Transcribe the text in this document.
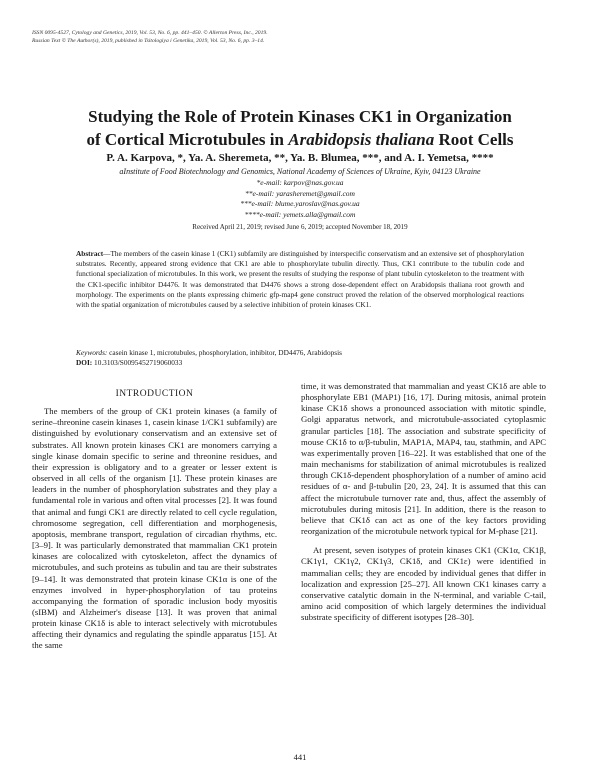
ISSN 0095-4527, Cytology and Genetics, 2019, Vol. 53, No. 6, pp. 441–450. © Allerton Press, Inc., 2019.
Russian Text © The Author(s), 2019, published in Tsitologiya i Genetika, 2019, Vol. 53, No. 6, pp. 3–14.
Studying the Role of Protein Kinases CK1 in Organization
of Cortical Microtubules in Arabidopsis thaliana Root Cells
P. A. Karpova, *, Ya. A. Sheremeta, **, Ya. B. Blumea, ***, and A. I. Yemetsa, ****
aInstitute of Food Biotechnology and Genomics, National Academy of Sciences of Ukraine, Kyiv, 04123 Ukraine
*e-mail: karpov@nas.gov.ua
**e-mail: yarasheremet@gmail.com
***e-mail: blume.yaroslav@nas.gov.ua
****e-mail: yemets.alla@gmail.com
Received April 21, 2019; revised June 6, 2019; accepted November 18, 2019
Abstract—The members of the casein kinase 1 (CK1) subfamily are distinguished by interspecific conservatism and an extensive set of phosphorylation substrates. Recently, appeared strong evidence that CK1 are able to phosphorylate tubulin directly. Thus, CK1 contribute to the tubulin code and functional specialization of microtubules. In this work, we present the results of studying the response of plant tubulin cytoskeleton to the treatment with the CK1-specific inhibitor D4476. It was demonstrated that D4476 shows a strong dose-dependent effect on Arabidopsis thaliana root growth and morphology. The experiments on the plants expressing chimeric gfp-map4 gene construct proved the relation of the observed morphological reactions with the spatial organization of microtubules caused by a selective inhibition of protein kinases CK1.
Keywords: casein kinase 1, microtubules, phosphorylation, inhibitor, DD4476, Arabidopsis
DOI: 10.3103/S0095452719060033
INTRODUCTION

The members of the group of CK1 protein kinases (a family of serine–threonine casein kinases 1, casein kinase 1/CK1 subfamily) are distinguished by evolutionary conservatism and an extensive set of substrates. All known protein kinases CK1 are monomers carrying a single kinase domain specific to serine and threonine residues, and their expression is obligatory and to a greater or lesser extent is observed in all cells of the organism [1]. These protein kinases are leaders in the number of phosphorylation substrates and they play a fundamental role in various and often vital processes [2]. It was found that animal and fungi CK1 are directly related to cell cycle regulation, chromosome segregation, cell differentiation and morphogenesis, apoptosis, membrane transport, regulation of circadian rhythms, etc. [3–9]. It was particularly demonstrated that mammalian CK1 protein kinases are colocalized with cytoskeleton, affect the dynamics of microtubules, and such proteins as tubulin and tau are their substrates [9–14]. It was demonstrated that protein kinase CK1α is one of the enzymes involved in hyper-phosphorylation of tau proteins accompanying the formation of sporadic inclusion body myositis (sIBM) and Alzheimer's disease [13]. It was proven that animal protein kinase CK1δ is able to interact selectively with microtubules affecting their dynamics and regulating the spindle apparatus [15]. At the same

time, it was demonstrated that mammalian and yeast CK1δ are able to phosphorylate EB1 (MAP1) [16, 17]. During mitosis, animal protein kinase CK1δ shows a pronounced association with mitotic spindle, Golgi apparatus network, and microtubule-associated cytoplasmic granular particles [18]. The association and substrate specificity of mouse CK1δ to α/β-tubulin, MAP1A, MAP4, tau, stathmin, and APC was experimentally proven [16–22]. It was established that one of the main mechanisms for stabilization of animal microtubules is realized through CK1δ-dependent phosphorylation of a number of amino acid residues of α- and β-tubulin [20, 23, 24]. It is assumed that this can affect the microtubule turnover rate and, thus, affect the assembly of microtubules during mitosis [21]. In addition, there is the reason to believe that CK1δ can act as one of the key factors providing reorganization of the microtubule network typical for M-phase [21].

At present, seven isotypes of protein kinases CK1 (CK1α, CK1β, CK1γ1, CK1γ2, CK1γ3, CK1δ, and CK1ε) were identified in mammalian cells; they are encoded by individual genes that differ in localization and expression [25–27]. All known CK1 kinases carry a conservative catalytic domain in the N-terminal, and variable C-tail, amino acid composition of which largely determines the individual substrate specificity of different isotypes [28–30].

441
